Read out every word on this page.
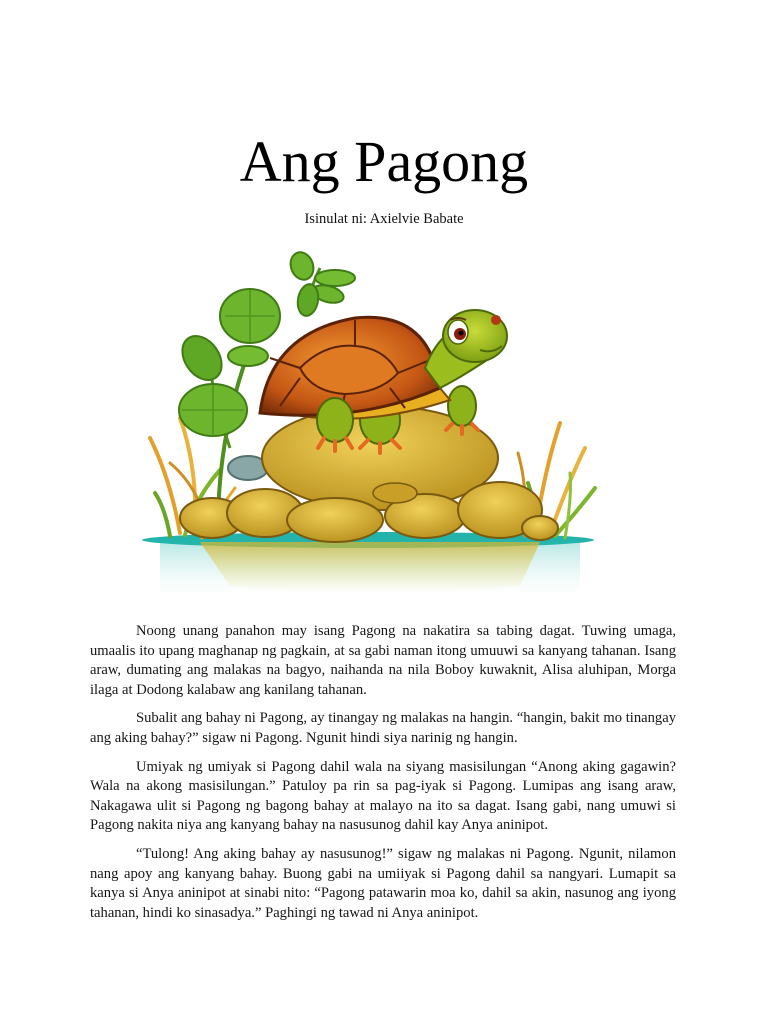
Ang Pagong
Isinulat ni: Axielvie Babate

Noong unang panahon may isang Pagong na nakatira sa tabing dagat. Tuwing umaga, umaalis ito upang maghanap ng pagkain, at sa gabi naman itong umuuwi sa kanyang tahanan. Isang araw, dumating ang malakas na bagyo, naihanda na nila Boboy kuwaknit, Alisa aluhipan, Morga ilaga at Dodong kalabaw ang kanilang tahanan.

Subalit ang bahay ni Pagong, ay tinangay ng malakas na hangin. “hangin, bakit mo tinangay ang aking bahay?” sigaw ni Pagong. Ngunit hindi siya narinig ng hangin.

Umiyak ng umiyak si Pagong dahil wala na siyang masisilungan “Anong aking gagawin? Wala na akong masisilungan.” Patuloy pa rin sa pag-iyak si Pagong. Lumipas ang isang araw, Nakagawa ulit si Pagong ng bagong bahay at malayo na ito sa dagat. Isang gabi, nang umuwi si Pagong nakita niya ang kanyang bahay na nasusunog dahil kay Anya aninipot.

“Tulong! Ang aking bahay ay nasusunog!” sigaw ng malakas ni Pagong. Ngunit, nilamon nang apoy ang kanyang bahay. Buong gabi na umiiyak si Pagong dahil sa nangyari. Lumapit sa kanya si Anya aninipot at sinabi nito: “Pagong patawarin moa ko, dahil sa akin, nasunog ang iyong tahanan, hindi ko sinasadya.” Paghingi ng tawad ni Anya aninipot.
